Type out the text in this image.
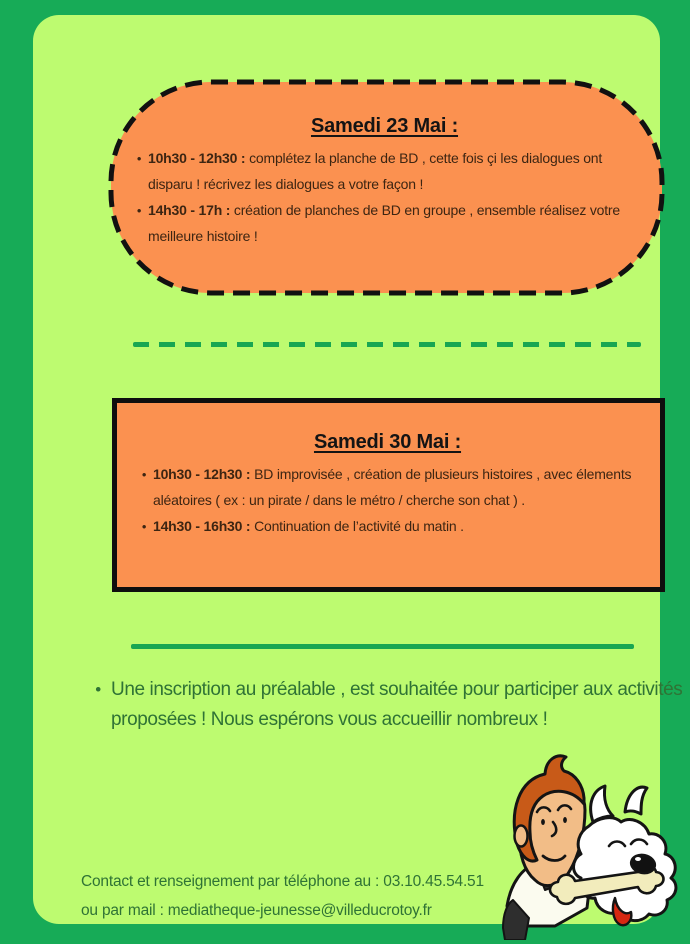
Samedi 23 Mai :
• 10h30 - 12h30 : complétez la planche de BD , cette fois çi les dialogues ont disparu ! récrivez les dialogues a votre façon !

• 14h30 - 17h : création de planches de BD en groupe , ensemble réalisez votre meilleure histoire !

Samedi 30 Mai :
• 10h30 - 12h30 : BD improvisée , création de plusieurs histoires , avec élements aléatoires ( ex : un pirate / dans le métro / cherche son chat ) .

• 14h30 - 16h30 : Continuation de l’activité du matin .

• Une inscription au préalable , est souhaitée pour participer aux activités proposées ! Nous espérons vous accueillir nombreux !

Contact et renseignement par téléphone au : 03.10.45.54.51
ou par mail : mediatheque-jeunesse@villeducrotoy.fr
